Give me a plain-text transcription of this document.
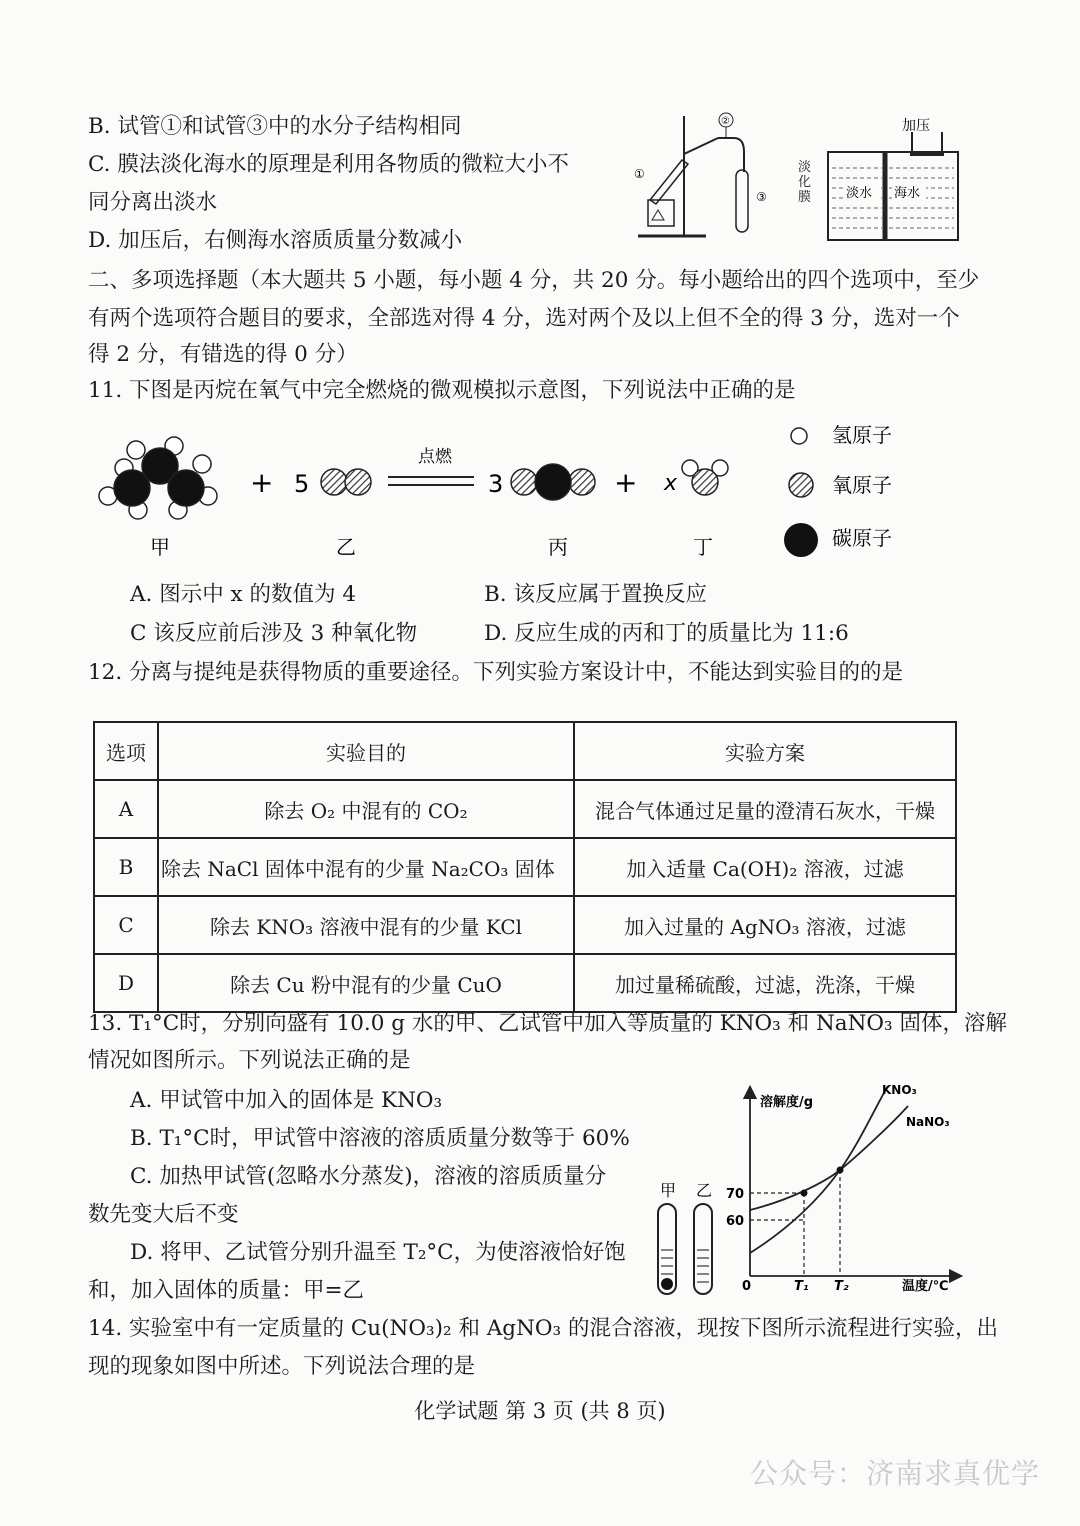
B. 试管①和试管③中的水分子结构相同
C. 膜法淡化海水的原理是利用各物质的微粒大小不
同分离出淡水
D. 加压后，右侧海水溶质质量分数减小
②
①
③
加压
淡水 海水
淡化膜
二、多项选择题（本大题共 5 小题，每小题 4 分，共 20 分。每小题给出的四个选项中，至少
有两个选项符合题目的要求，全部选对得 4 分，选对两个及以上但不全的得 3 分，选对一个
得 2 分，有错选的得 0 分）
11. 下图是丙烷在氧气中完全燃烧的微观模拟示意图，下列说法中正确的是
+ 5
点燃
3	+ x
甲	乙	丙	丁
氢原子
氧原子
碳原子
A. 图示中 x 的数值为 4	B. 该反应属于置换反应
C 该反应前后涉及 3 种氧化物	D. 反应生成的丙和丁的质量比为 11:6
12. 分离与提纯是获得物质的重要途径。下列实验方案设计中，不能达到实验目的的是
选项	实验目的	实验方案
A	除去 O₂ 中混有的 CO₂	混合气体通过足量的澄清石灰水，干燥
B	除去 NaCl 固体中混有的少量 Na₂CO₃ 固体	加入适量 Ca(OH)₂ 溶液，过滤
C	除去 KNO₃ 溶液中混有的少量 KCl	加入过量的 AgNO₃ 溶液，过滤
D	除去 Cu 粉中混有的少量 CuO	加过量稀硫酸，过滤，洗涤，干燥
13. T₁°C时，分别向盛有 10.0 g 水的甲、乙试管中加入等质量的 KNO₃ 和 NaNO₃ 固体，溶解
情况如图所示。下列说法正确的是
A. 甲试管中加入的固体是 KNO₃
B. T₁°C时，甲试管中溶液的溶质质量分数等于 60%
C. 加热甲试管(忽略水分蒸发)，溶液的溶质质量分
数先变大后不变
D. 将甲、乙试管分别升温至 T₂°C，为使溶液恰好饱
和，加入固体的质量：甲=乙
甲 乙
溶解度/g
温度/℃
0
70
60
T₁ T₂
KNO₃
NaNO₃
14. 实验室中有一定质量的 Cu(NO₃)₂ 和 AgNO₃ 的混合溶液，现按下图所示流程进行实验，出
现的现象如图中所述。下列说法合理的是
化学试题 第 3 页 (共 8 页)
公众号：济南求真优学
